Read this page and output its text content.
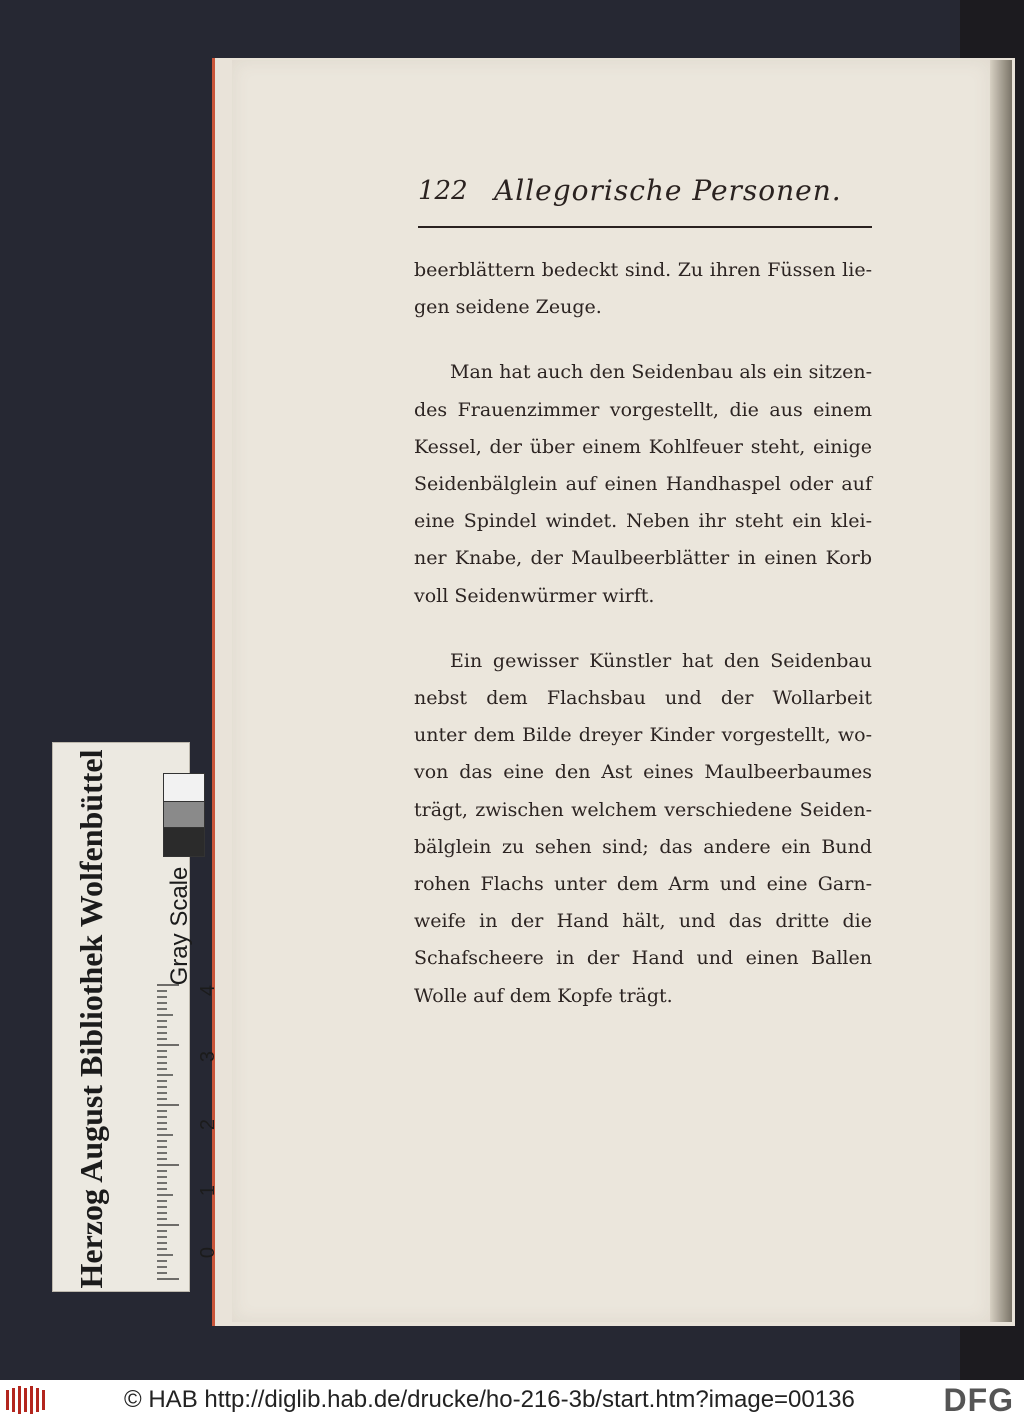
122 Allegorische Personen.

beerblättern bedeckt sind. Zu ihren Füssen lie-

gen seidene Zeuge.

Man hat auch den Seidenbau als ein sitzen-

des Frauenzimmer vorgestellt, die aus einem

Kessel, der über einem Kohlfeuer steht, einige

Seidenbälglein auf einen Handhaspel oder auf

eine Spindel windet. Neben ihr steht ein klei-

ner Knabe, der Maulbeerblätter in einen Korb

voll Seidenwürmer wirft.

Ein gewisser Künstler hat den Seidenbau

nebst dem Flachsbau und der Wollarbeit

unter dem Bilde dreyer Kinder vorgestellt, wo-

von das eine den Ast eines Maulbeerbaumes

trägt, zwischen welchem verschiedene Seiden-

bälglein zu sehen sind; das andere ein Bund

rohen Flachs unter dem Arm und eine Garn-

weife in der Hand hält, und das dritte die

Schafscheere in der Hand und einen Ballen

Wolle auf dem Kopfe trägt.

Herzog August Bibliothek Wolfenbüttel Gray Scale
0
1
2
3
4
© HAB http://diglib.hab.de/drucke/ho-216-3b/start.htm?image=00136	DFG
